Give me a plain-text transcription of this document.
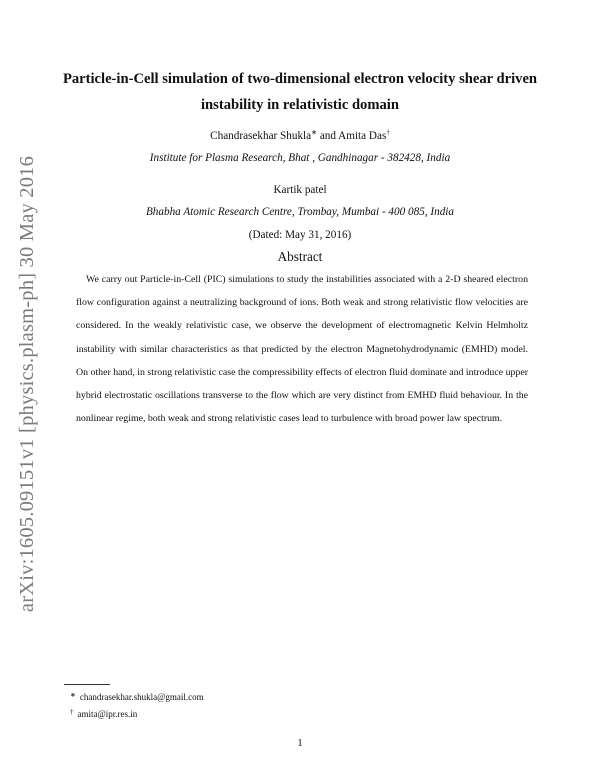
arXiv:1605.09151v1 [physics.plasm-ph] 30 May 2016
Particle-in-Cell simulation of two-dimensional electron velocity shear driven instability in relativistic domain
Chandrasekhar Shukla∗ and Amita Das†
Institute for Plasma Research, Bhat , Gandhinagar - 382428, India
Kartik patel
Bhabha Atomic Research Centre, Trombay, Mumbai - 400 085, India
(Dated: May 31, 2016)
Abstract

We carry out Particle-in-Cell (PIC) simulations to study the instabilities associated with a 2-D sheared electron flow configuration against a neutralizing background of ions. Both weak and strong relativistic flow velocities are considered. In the weakly relativistic case, we observe the development of electromagnetic Kelvin Helmholtz instability with similar characteristics as that predicted by the electron Magnetohydrodynamic (EMHD) model. On other hand, in strong relativistic case the compressibility effects of electron fluid dominate and introduce upper hybrid electrostatic oscillations transverse to the flow which are very distinct from EMHD fluid behaviour. In the nonlinear regime, both weak and strong relativistic cases lead to turbulence with broad power law spectrum.

∗ chandrasekhar.shukla@gmail.com
† amita@ipr.res.in
1
